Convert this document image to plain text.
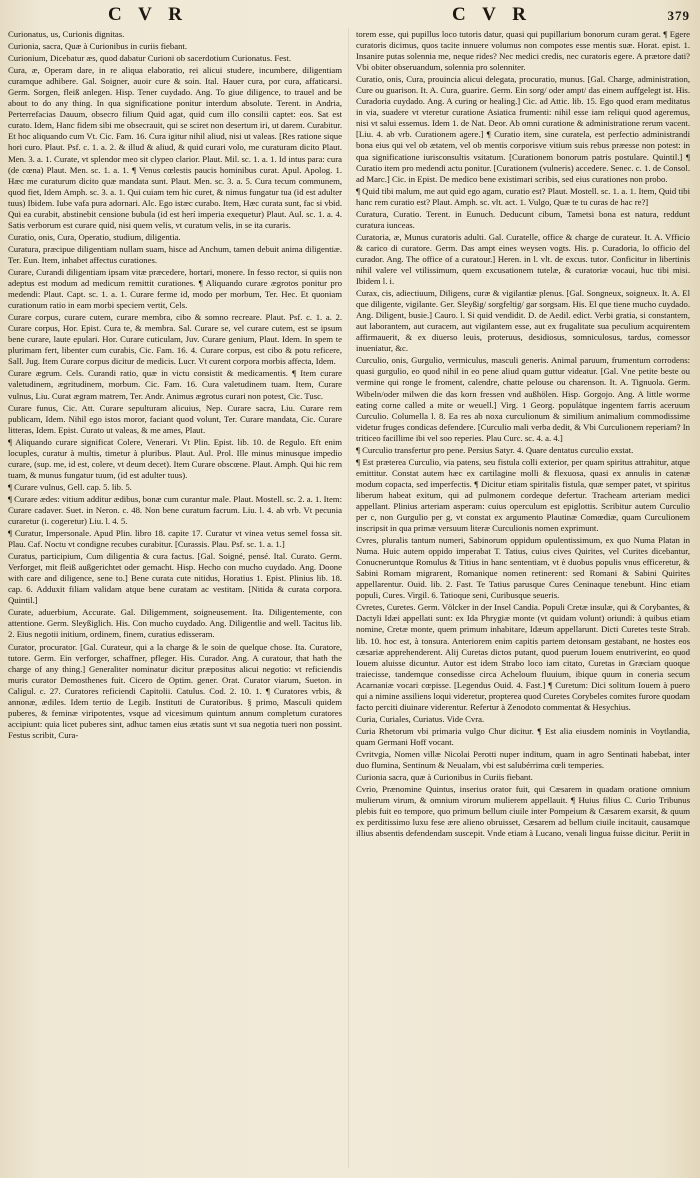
C V R	C V R	379

Curionatus, us, Curionis dignitas.

Curionia, sacra, Quæ à Curionibus in curiis fiebant.

Curionium, Dicebatur æs, quod dabatur Curioni ob sacerdotium Curionatus. Fest.

Cura, æ, Operam dare, in re aliqua elaboratio, rei alicui studere, incumbere, diligentiam curamque adhibere. Gal. Soigner, auoir cure & soin. Ital. Hauer cura, por cura, affaticarsi. Germ. Sorgen, fleiß anlegen. Hisp. Tener cuydado. Ang. To giue diligence, to trauel and be about to do any thing. In qua significatione ponitur interdum absolute. Terent. in Andria, Perterrefacias Dauum, obsecro filium Quid agat, quid cum illo consilii captet: eos. Sat est curato. Idem, Hanc fidem sibi me obsecrauit, qui se sciret non desertum iri, ut darem. Curabitur. Et hoc aliquando cum Vt. Cic. Fam. 16. Cura igitur nihil aliud, nisi ut valeas. [Res ratione sique hori curo. Plaut. Psf. c. 1. a. 2. & illud & aliud, & quid curari volo, me curaturam dicito Plaut. Men. 3. a. 1. Curate, vt splendor meo sit clypeo clarior. Plaut. Mil. sc. 1. a. 1. Id intus para: cura (de cœna) Plaut. Men. sc. 1. a. 1. ¶ Venus cœlestis paucis hominibus curat. Apul. Apolog. 1. Hæc me curaturum dicito quæ mandata sunt. Plaut. Men. sc. 3. a. 5. Cura tecum communem, quod fiet, Idem Amph. sc. 3. a. 1. Qui cuiam tem hic curet, & nimus fungatur tua (id est adulter tuus) Ibidem. Iube vafa pura adornari. Alc. Ego istæc curabo. Item, Hæc curata sunt, fac si vbid. Qui ea curabit, abstinebit censione bubula (id est herí imperia exequetur) Plaut. Aul. sc. 1. a. 4. Satis verborum est curare quid, nisi quem velis, vt curatum velis, in se ita curaris.

Curatio, onis, Cura, Operatio, studium, diligentia.

Curatura, præcipue diligentiam nullam suam, hisce ad Anchum, tamen debuit anima diligentiæ. Ter. Eun. Item, inhabet affectus curationes.

Curare, Curandi diligentiam ipsam vitæ præcedere, hortari, monere. In fesso rector, si quiis non adeptus est modum ad medicum remittit curationes. ¶ Aliquando curare ægrotos ponitur pro medendi: Plaut. Capt. sc. 1. a. 1. Curare ferme id, modo per morbum, Ter. Hec. Et quoniam curationum ratio in eam morbi speciem vertit, Cels.

Curare corpus, curare cutem, curare membra, cibo & somno recreare. Plaut. Psf. c. 1. a. 2. Curare corpus, Hor. Epist. Cura te, & membra. Sal. Curare se, vel curare cutem, est se ipsum bene curare, laute epulari. Hor. Curare cuticulam, Juv. Curare genium, Plaut. Idem. In spem te plurimam fert, libenter cum curabis, Cic. Fam. 16. 4. Curare corpus, est cibo & potu reficere, Sall. Jug. Item Curare corpus dicitur de medicis. Lucr. Vt curent corpora morbis affecta, Idem.

Curare ægrum. Cels. Curandi ratio, quæ in victu consistit & medicamentis. ¶ Item curare valetudinem, ægritudinem, morbum. Cic. Fam. 16. Cura valetudinem tuam. Item, Curare vulnus, Liu. Curat ægram matrem, Ter. Andr. Animus ægrotus curari non potest, Cic. Tusc.

Curare funus, Cic. Att. Curare sepulturam alicuius, Nep. Curare sacra, Liu. Curare rem publicam, Idem. Nihil ego istos moror, faciant quod volunt, Ter. Curare mandata, Cic. Curare litteras, Idem. Epist. Curato ut valeas, & me ames, Plaut.

¶ Aliquando curare significat Colere, Venerari. Vt Plin. Epist. lib. 10. de Regulo. Eft enim locuples, curatur à multis, timetur à pluribus. Plaut. Aul. Prol. Ille minus minusque impedio curare, (sup. me, id est, colere, vt deum decet). Item Curare obscœne. Plaut. Amph. Qui hic rem tuam, & munus fungatur tuum, (id est adulter tuus).

¶ Curare vulnus, Gell. cap. 5. lib. 5.

¶ Curare ædes: vitium additur ædibus, bonæ cum curantur male. Plaut. Mostell. sc. 2. a. 1. Item: Curare cadaver. Suet. in Neron. c. 48. Non bene curatum facrum. Liu. l. 4. ab vrb. Vt pecunia curaretur (i. cogeretur) Liu. l. 4. 5.

¶ Curatur, Impersonale. Apud Plin. libro 18. capite 17. Curatur vt vinea vetus semel fossa sit. Plau. Caf. Noctu vt condigne recubes curabitur. [Curassis. Plau. Psf. sc. 1. a. 1.]

Curatus, participium, Cum diligentia & cura factus. [Gal. Soigné, pensé. Ital. Curato. Germ. Verforget, mit fleiß außgerichtet oder gemacht. Hisp. Hecho con mucho cuydado. Ang. Doone with care and diligence, sene to.] Bene curata cute nitidus, Horatius 1. Epist. Plinius lib. 18. cap. 6. Adduxit filiam validam atque bene curatam ac vestitam. [Nitida & curata corpora. Quintil.]

Curate, aduerbium, Accurate. Gal. Diligemment, soigneusement. Ita. Diligentemente, con attentione. Germ. Sleyßiglich. His. Con mucho cuydado. Ang. Diligentlie and well. Tacitus lib. 2. Eius negotii initium, ordinem, finem, curatius edisseram.

Curator, procurator. [Gal. Curateur, qui a la charge & le soin de quelque chose. Ita. Curatore, tutore. Germ. Ein verforger, schaffner, pfleger. His. Curador. Ang. A curatour, that hath the charge of any thing.] Generaliter nominatur dicitur præpositus alicui negotio: vt reficiendis muris curator Demosthenes fuit. Cicero de Optim. gener. Orat. Curator viarum, Sueton. in Caligul. c. 27. Curatores reficiendi Capitolii. Catulus. Cod. 2. 10. 1. ¶ Curatores vrbis, & annonæ, ædiles. Idem tertio de Legib. Instituti de Curatoribus. § primo, Masculi quidem puberes, & feminæ viripotentes, vsque ad vicesimum quintum annum completum curatores accipiunt: quia licet puberes sint, adhuc tamen eius ætatis sunt vt sua negotia tueri non possint. Festus scribit, Cura-

torem esse, qui pupillus loco tutoris datur, quasi qui pupillarium bonorum curam gerat. ¶ Egere curatoris dicimus, quos tacite innuere volumus non compotes esse mentis suæ. Horat. epist. 1. Insanire putas solennia me, neque rides? Nec medici credis, nec curatoris egere. A prætore dati? Vbi obiter obseruandum, solennia pro solenniter.

Curatio, onis, Cura, prouincia alicui delegata, procuratio, munus. [Gal. Charge, administration, Cure ou guarison. It. A. Cura, guarire. Germ. Ein sorg/ oder ampt/ das einem auffgelegt ist. His. Curadoria cuydado. Ang. A curing or healing.] Cic. ad Attic. lib. 15. Ego quod eram meditatus in via, suadere vt vteretur curatione Asiatica frumenti: nihil esse iam reliqui quod ageremus, nisi vt salui essemus. Idem 1. de Nat. Deor. Ab omni curatione & administratione rerum vacent. [Liu. 4. ab vrb. Curationem agere.] ¶ Curatio item, sine curatela, est perfectio administrandi bona eius qui vel ob ætatem, vel ob mentis corporisve vitium suis rebus præesse non potest: in qua significatione iurisconsultis vsitatum. [Curationem bonorum patris postulare. Quintil.] ¶ Curatio item pro medendi actu ponitur. [Curationem (vulneris) accedere. Senec. c. 1. de Consol. ad Marc.] Cic. in Epist. De medico bene existimari scribis, sed eius curationes non probo.

¶ Quid tibi malum, me aut quid ego agam, curatio est? Plaut. Mostell. sc. 1. a. 1. Item, Quid tibi hanc rem curatio est? Plaut. Amph. sc. vlt. act. 1. Vulgo, Quæ te tu curas de hac re?]

Curatura, Curatio. Terent. in Eunuch. Deducunt cibum, Tametsi bona est natura, reddunt curatura iunceas.

Curatoria, æ, Munus curatoris adulti. Gal. Curatelle, office & charge de curateur. It. A. Vfficio & carico di curatore. Germ. Das ampt eines weysen vogts. His. p. Curadoria, lo officio del curador. Ang. The office of a curatour.] Heren. in l. vlt. de excus. tutor. Conficitur in libertinis nihil valere vel vtilissimum, quem excusationem tutelæ, & curatoriæ vocaui, huc tibi misi. Ibidem l. i.

Curax, cis, adiectiuum, Diligens, curæ & vigilantiæ plenus. [Gal. Songneux, soigneux. It. A. El que diligente, vigilante. Ger. Sleyßig/ sorgfeltig/ gar sorgsam. His. El que tiene mucho cuydado. Ang. Diligent, busie.] Cauro. l. Si quid vendidit. D. de Aedil. edict. Verbi gratia, si constantem, aut laborantem, aut curacem, aut vigilantem esse, aut ex frugalitate sua peculium acquirentem affirmauerit, & ex diuerso leuis, proteruus, desidiosus, somniculosus, tardus, comessor inueniatur, &c.

Curculio, onis, Gurgulio, vermiculus, masculi generis. Animal paruum, frumentum corrodens: quasi gurgulio, eo quod nihil in eo pene aliud quam guttur videatur. [Gal. Vne petite beste ou vermine qui ronge le froment, calendre, chatte pelouse ou charenson. It. A. Tignuola. Germ. Wibeln/oder milwen die das korn fressen vnd außhölen. Hisp. Gorgojo. Ang. A little worme eating corne called a mite or weuell.] Virg. 1 Georg. populátque ingentem farris aceruum Curculio. Columella l. 8. Ea res ab noxa curculionum & similium animalium commodissime videtur fruges condicas defendere. [Curculio mali verba dedit, & Vbi Curculionem reperiam? In triticeo facillime ibi vel soo reperies. Plau Curc. sc. 4. a. 4.]

¶ Curculio transfertur pro pene. Persius Satyr. 4. Quare dentatus curculio exstat.

¶ Est præterea Curculio, via patens, seu fistula colli exterior, per quam spiritus attrahitur, atque emittitur. Constat autem hæc ex cartilagine molli & flexuosa, quasi ex annulis in catenæ modum copacta, sed imperfectis. ¶ Dicitur etiam spiritalis fistula, quæ semper patet, vt spiritus liberum habeat exitum, qui ad pulmonem cordeque defertur. Tracheam arteriam medici appellant. Plinius arteriam asperam: cuius operculum est epiglottis. Scribitur autem Curculio per c, non Gurgulio per g, vt constat ex argumento Plautinæ Comœdiæ, quam Curculionem inscripsit in qua primæ versuum literæ Curculionis nomen exprimunt.

Cvres, pluralis tantum numeri, Sabinorum oppidum opulentissimum, ex quo Numa Platan in Numa. Huic autem oppido imperabat T. Tatius, cuius cives Quirites, vel Curites dicebantur, Conucneruntque Romulus & Titius in hanc sententiam, vt è duobus populis vnus efficeretur, & Sabini Romam migrarent, Romanique nomen retinerent: sed Romani & Sabini Quirites appellarentur. Ouid. lib. 2. Fast. Te Tatius parusque Cures Ceninaque tenebunt. Hinc etiam populi, Cures. Virgil. 6. Tatioque seni, Curibusque seueris.

Cvretes, Curetes. Germ. Völcker in der Insel Candia. Populi Cretæ insulæ, qui & Corybantes, & Dactyli Idæi appellati sunt: ex Ida Phrygiæ monte (vt quidam volunt) oriundi: à quibus etiam nomine, Cretæ monte, quem primum inhabitare, Idæum appellarunt. Dicti Curetes teste Strab. lib. 10. hoc est, à tonsura. Anteriorem enim capitis partem detonsam gestabant, ne hostes eos cæsariæ apprehenderent. Alij Curetas dictos putant, quod puerum Iouem enutriverint, eo quod Iouem aluisse dicuntur. Autor est idem Strabo loco iam citato, Curetas in Græciam quoque traiecisse, tandemque consedisse circa Acheloum fluuium, ibique quum in coneria secum Acarnaniæ vocari cœpisse. [Legendus Ouid. 4. Fast.] ¶ Curetum: Dici solitum Iouem à puero qui a nimine assiliens loqui videretur, propterea quod Curetes Corybeles comites furore quodam facto perciti diuinare viderentur. Refertur à Zenodoto commentat & Hesychius.

Curia, Curiales, Curiatus. Vide Cvra.

Curia Rhetorum vbi primaria vulgo Chur dicitur. ¶ Est alia eiusdem nominis in Voytlandia, quam Germani Hoff vocant.

Cvritvgia, Nomen villæ Nicolai Perotti nuper inditum, quam in agro Sentinati habebat, inter duo flumina, Sentinum & Neualam, vbi est salubérrima cœli temperies.

Curionia sacra, quæ à Curionibus in Curiis fiebant.

Cvrio, Prænomine Quintus, inserius orator fuit, qui Cæsarem in quadam oratione omnium mulierum virum, & omnium virorum mulierem appellauit. ¶ Huius filius C. Curio Tribunus plebis fuit eo tempore, quo primum bellum ciuile inter Pompeium & Cæsarem exarsit, & quum ex perditissimo luxu fese ære alieno obruisset, Cæsarem ad bellum ciuile incitauit, causamque illius absentis defendendam suscepit. Vnde etiam à Lucano, venali lingua fuisse dicitur. Periit in
